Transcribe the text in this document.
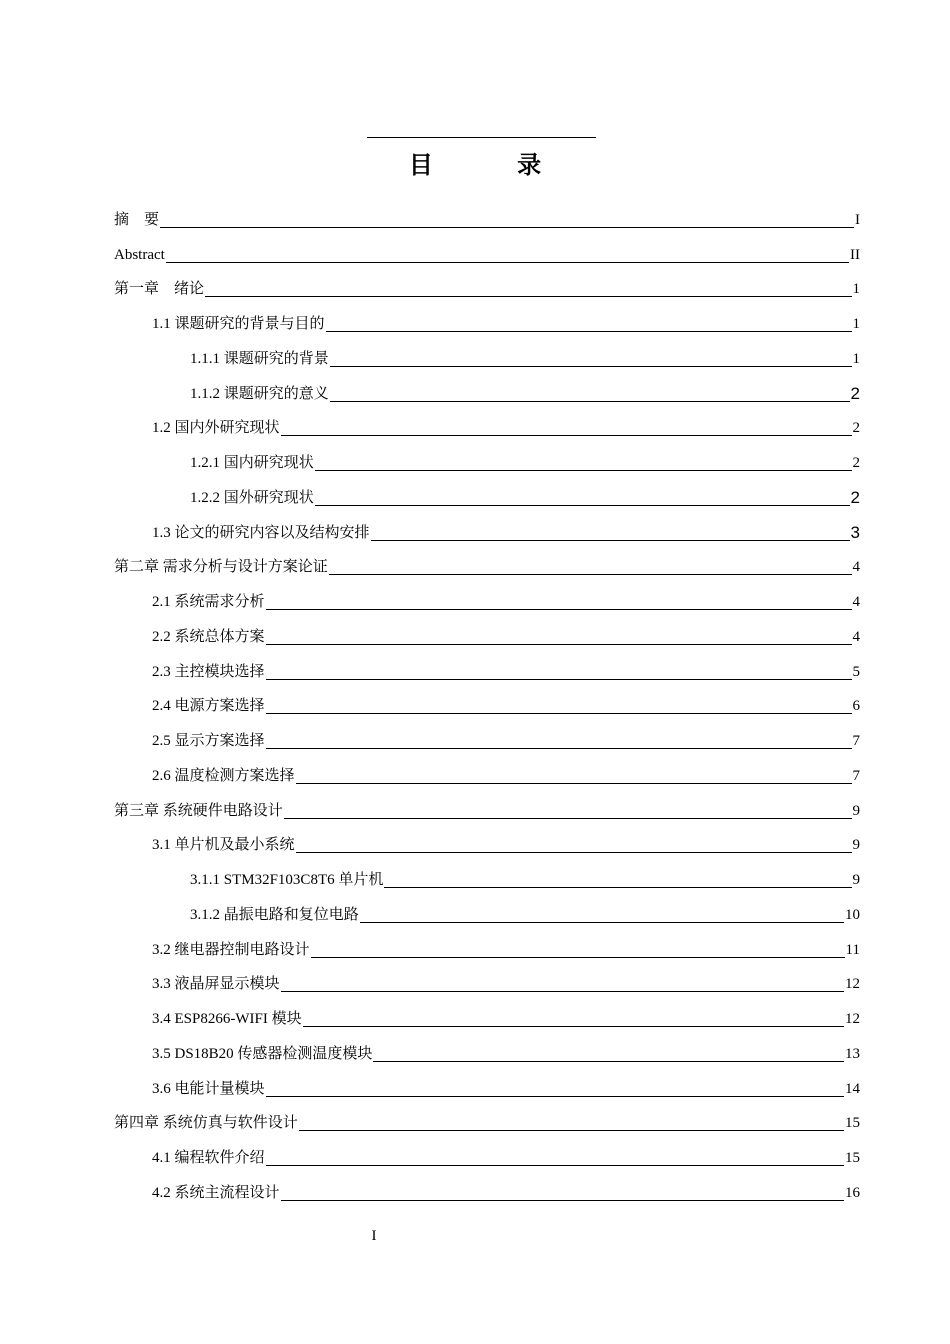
目 录
摘　要	I
Abstract	II
第一章　绪论	1
1.1 课题研究的背景与目的	1
1.1.1 课题研究的背景	1
1.1.2 课题研究的意义	2
1.2 国内外研究现状	2
1.2.1 国内研究现状	2
1.2.2 国外研究现状	2
1.3 论文的研究内容以及结构安排	3
第二章 需求分析与设计方案论证	4
2.1 系统需求分析	4
2.2 系统总体方案	4
2.3 主控模块选择	5
2.4 电源方案选择	6
2.5 显示方案选择	7
2.6 温度检测方案选择	7
第三章 系统硬件电路设计	9
3.1 单片机及最小系统	9
3.1.1 STM32F103C8T6 单片机	9
3.1.2 晶振电路和复位电路	10
3.2 继电器控制电路设计	11
3.3 液晶屏显示模块	12
3.4 ESP8266-WIFI 模块	12
3.5 DS18B20 传感器检测温度模块	13
3.6 电能计量模块	14
第四章 系统仿真与软件设计	15
4.1 编程软件介绍	15
4.2 系统主流程设计	16
I
